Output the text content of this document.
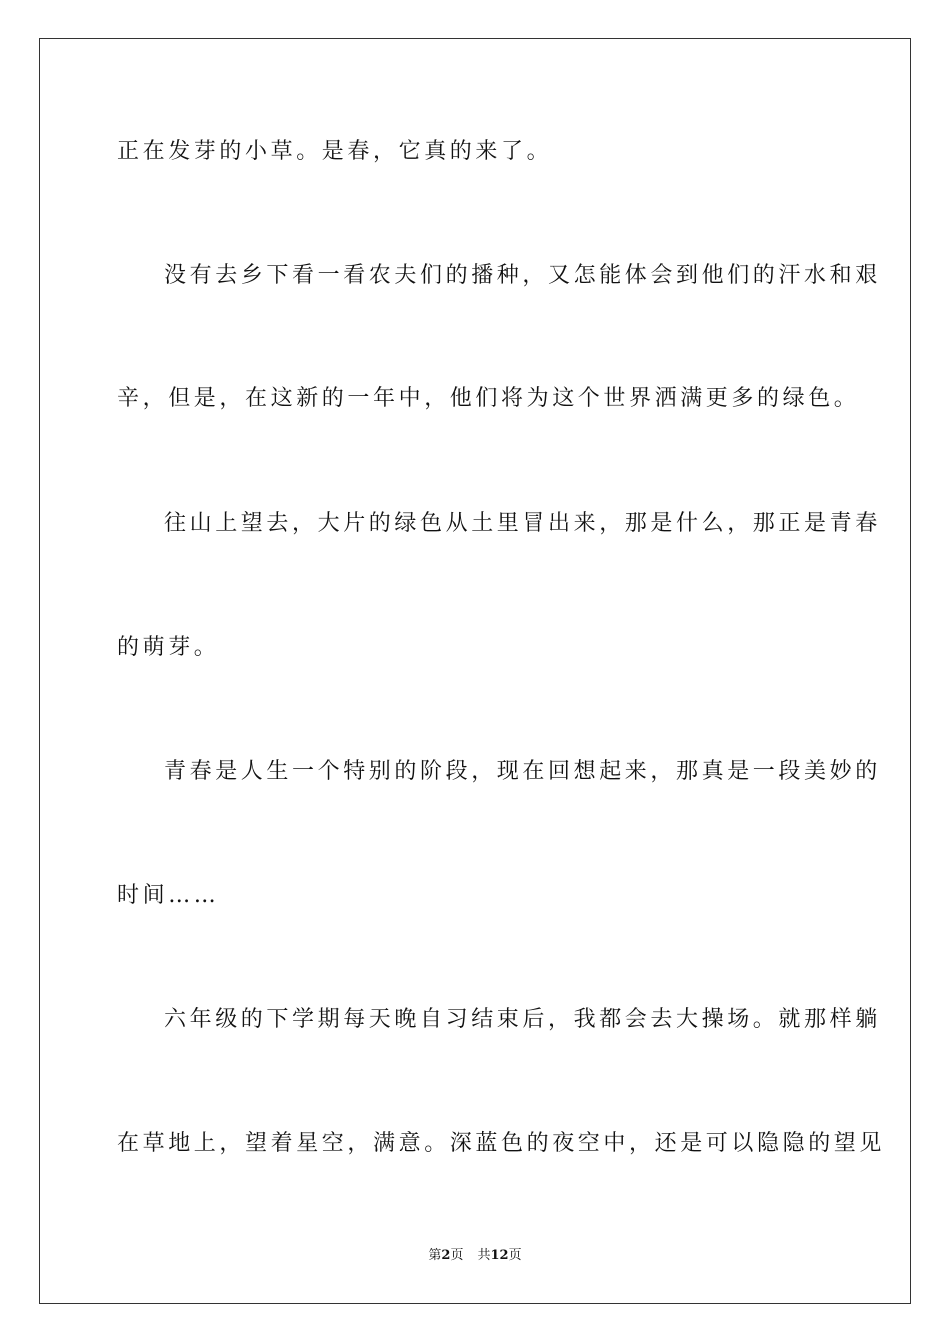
正在发芽的小草。是春，它真的来了。
没有去乡下看一看农夫们的播种，又怎能体会到他们的汗水和艰
辛，但是，在这新的一年中，他们将为这个世界洒满更多的绿色。
往山上望去，大片的绿色从土里冒出来，那是什么，那正是青春
的萌芽。
青春是人生一个特别的阶段，现在回想起来，那真是一段美妙的
时间……
六年级的下学期每天晚自习结束后，我都会去大操场。就那样躺
在草地上，望着星空，满意。深蓝色的夜空中，还是可以隐隐的望见
第2页 共12页
